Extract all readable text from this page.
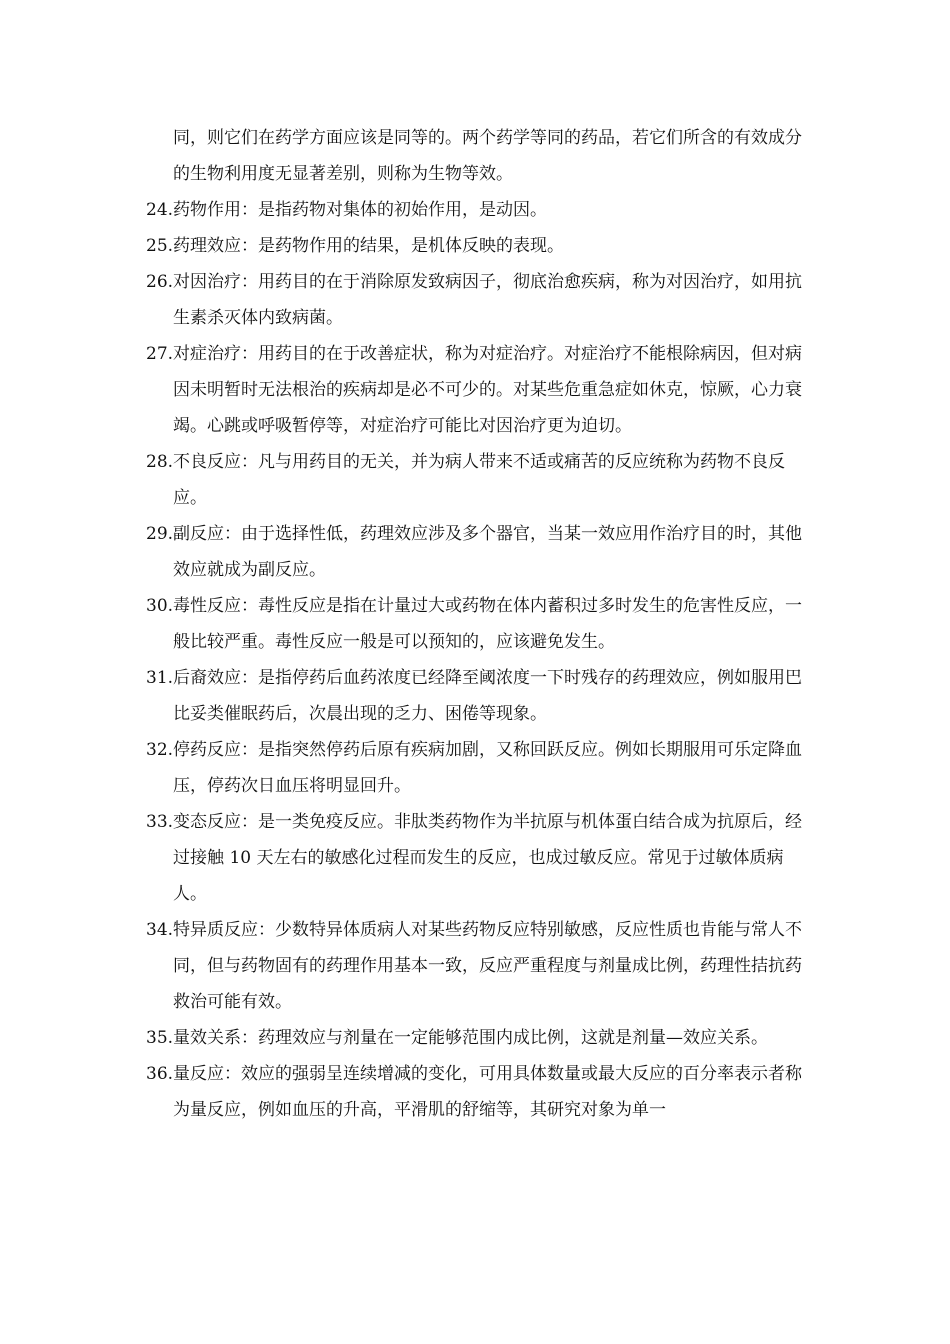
同，则它们在药学方面应该是同等的。两个药学等同的药品，若它们所含的有效成分的生物利用度无显著差别，则称为生物等效。

24. 药物作用：是指药物对集体的初始作用，是动因。
25. 药理效应：是药物作用的结果，是机体反映的表现。
26. 对因治疗：用药目的在于消除原发致病因子，彻底治愈疾病，称为对因治疗，如用抗生素杀灭体内致病菌。
27. 对症治疗：用药目的在于改善症状，称为对症治疗。对症治疗不能根除病因，但对病因未明暂时无法根治的疾病却是必不可少的。对某些危重急症如休克，惊厥，心力衰竭。心跳或呼吸暂停等，对症治疗可能比对因治疗更为迫切。
28. 不良反应：凡与用药目的无关，并为病人带来不适或痛苦的反应统称为药物不良反应。
29. 副反应：由于选择性低，药理效应涉及多个器官，当某一效应用作治疗目的时，其他效应就成为副反应。
30. 毒性反应：毒性反应是指在计量过大或药物在体内蓄积过多时发生的危害性反应，一般比较严重。毒性反应一般是可以预知的，应该避免发生。
31. 后裔效应：是指停药后血药浓度已经降至阈浓度一下时残存的药理效应，例如服用巴比妥类催眠药后，次晨出现的乏力、困倦等现象。
32. 停药反应：是指突然停药后原有疾病加剧，又称回跃反应。例如长期服用可乐定降血压，停药次日血压将明显回升。
33. 变态反应：是一类免疫反应。非肽类药物作为半抗原与机体蛋白结合成为抗原后，经过接触 10 天左右的敏感化过程而发生的反应，也成过敏反应。常见于过敏体质病人。
34. 特异质反应：少数特异体质病人对某些药物反应特别敏感，反应性质也肯能与常人不同，但与药物固有的药理作用基本一致，反应严重程度与剂量成比例，药理性拮抗药救治可能有效。
35. 量效关系：药理效应与剂量在一定能够范围内成比例，这就是剂量—效应关系。
36. 量反应：效应的强弱呈连续增减的变化，可用具体数量或最大反应的百分率表示者称为量反应，例如血压的升高，平滑肌的舒缩等，其研究对象为单一
